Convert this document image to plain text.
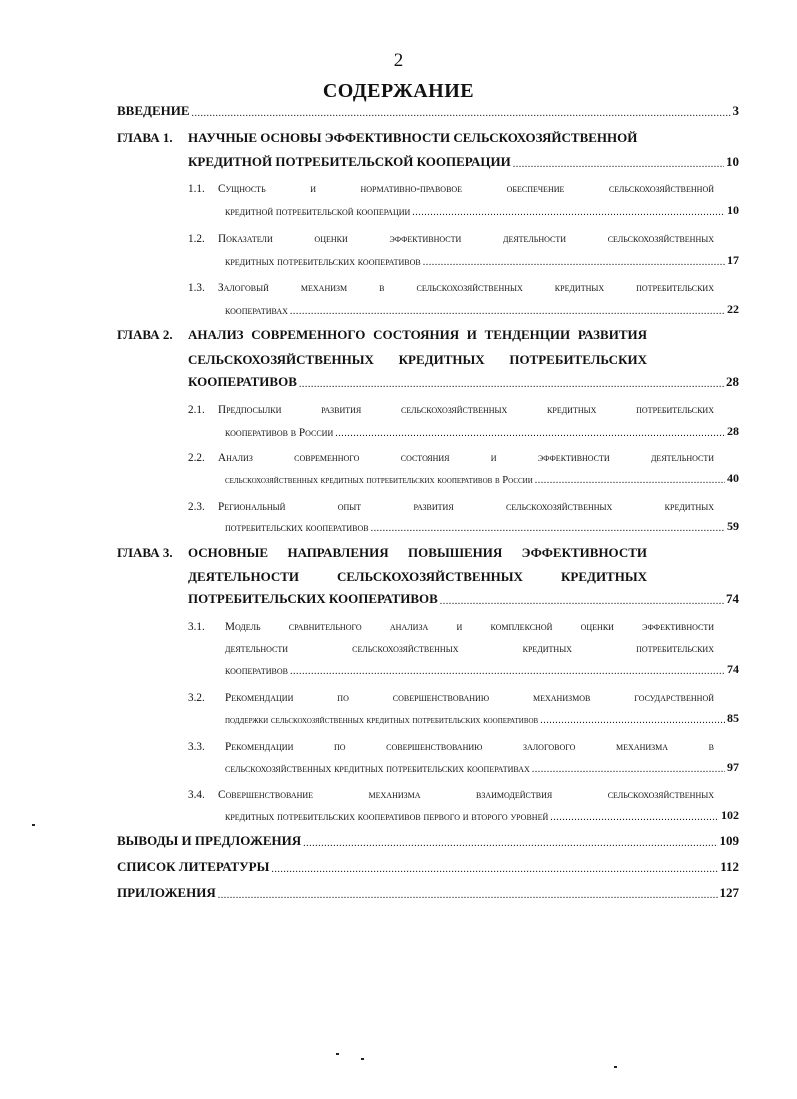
2
СОДЕРЖАНИЕ
ВВЕДЕНИЕ .....	3
ГЛАВА 1.	НАУЧНЫЕ ОСНОВЫ ЭФФЕКТИВНОСТИ СЕЛЬСКОХОЗЯЙСТВЕННОЙ
КРЕДИТНОЙ ПОТРЕБИТЕЛЬСКОЙ КООПЕРАЦИИ .....	10
1.1.	Сущность и нормативно-правовое обеспечение сельскохозяйственной
кредитной потребительской кооперации .....	10
1.2.	Показатели оценки эффективности деятельности сельскохозяйственных
кредитных потребительских кооперативов .....	17
1.3.	Залоговый механизм в сельскохозяйственных кредитных потребительских
кооперативах .....	22
ГЛАВА 2.	АНАЛИЗ СОВРЕМЕННОГО СОСТОЯНИЯ И ТЕНДЕНЦИИ РАЗВИТИЯ
СЕЛЬСКОХОЗЯЙСТВЕННЫХ КРЕДИТНЫХ ПОТРЕБИТЕЛЬСКИХ
КООПЕРАТИВОВ .....	28
2.1.	Предпосылки развития сельскохозяйственных кредитных потребительских
кооперативов в России .....	28
2.2.	Анализ современного состояния и эффективности деятельности
сельскохозяйственных кредитных потребительских кооперативов в России .....	40
2.3.	Региональный опыт развития сельскохозяйственных кредитных
потребительских кооперативов .....	59
ГЛАВА 3.	ОСНОВНЫЕ НАПРАВЛЕНИЯ ПОВЫШЕНИЯ ЭФФЕКТИВНОСТИ
ДЕЯТЕЛЬНОСТИ СЕЛЬСКОХОЗЯЙСТВЕННЫХ КРЕДИТНЫХ
ПОТРЕБИТЕЛЬСКИХ КООПЕРАТИВОВ .....	74
3.1.	Модель сравнительного анализа и комплексной оценки эффективности
деятельности сельскохозяйственных кредитных потребительских
кооперативов .....	74
3.2.	Рекомендации по совершенствованию механизмов государственной
поддержки сельскохозяйственных кредитных потребительских кооперативов .....	85
3.3.	Рекомендации по совершенствованию залогового механизма в
сельскохозяйственных кредитных потребительских кооперативах .....	97
3.4.	Совершенствование механизма взаимодействия сельскохозяйственных
кредитных потребительских кооперативов первого и второго уровней .....	102
ВЫВОДЫ И ПРЕДЛОЖЕНИЯ .....	109
СПИСОК ЛИТЕРАТУРЫ .....	112
ПРИЛОЖЕНИЯ .....	127
